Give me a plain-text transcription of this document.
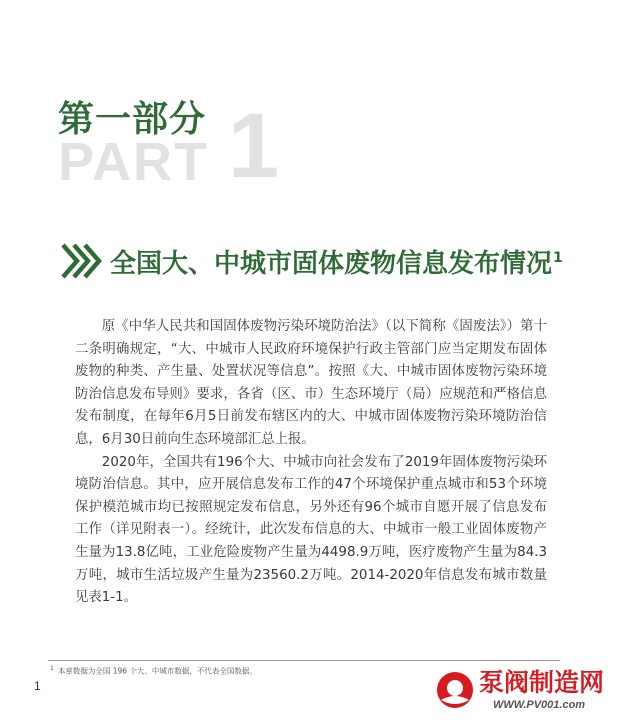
PART 1
第一部分
全国大、中城市固体废物信息发布情况$^1$

原《中华人民共和国固体废物污染环境防治法》（以下简称《固废法》）第十二条明确规定，“大、中城市人民政府环境保护行政主管部门应当定期发布固体废物的种类、产生量、处置状况等信息”。按照《大、中城市固体废物污染环境防治信息发布导则》要求，各省（区、市）生态环境厅（局）应规范和严格信息发布制度，在每年6月5日前发布辖区内的大、中城市固体废物污染环境防治信息，6月30日前向生态环境部汇总上报。

2020年，全国共有196个大、中城市向社会发布了2019年固体废物污染环境防治信息。其中，应开展信息发布工作的47个环境保护重点城市和53个环境保护模范城市均已按照规定发布信息，另外还有96个城市自愿开展了信息发布工作（详见附表一）。经统计，此次发布信息的大、中城市一般工业固体废物产生量为13.8亿吨，工业危险废物产生量为4498.9万吨，医疗废物产生量为84.3万吨，城市生活垃圾产生量为23560.2万吨。2014-2020年信息发布城市数量见表1-1。

$^1$ 本章数据为全国 196 个大、中城市数据，不代表全国数据。
1	泵阀制造网
WWW.PV001.com
